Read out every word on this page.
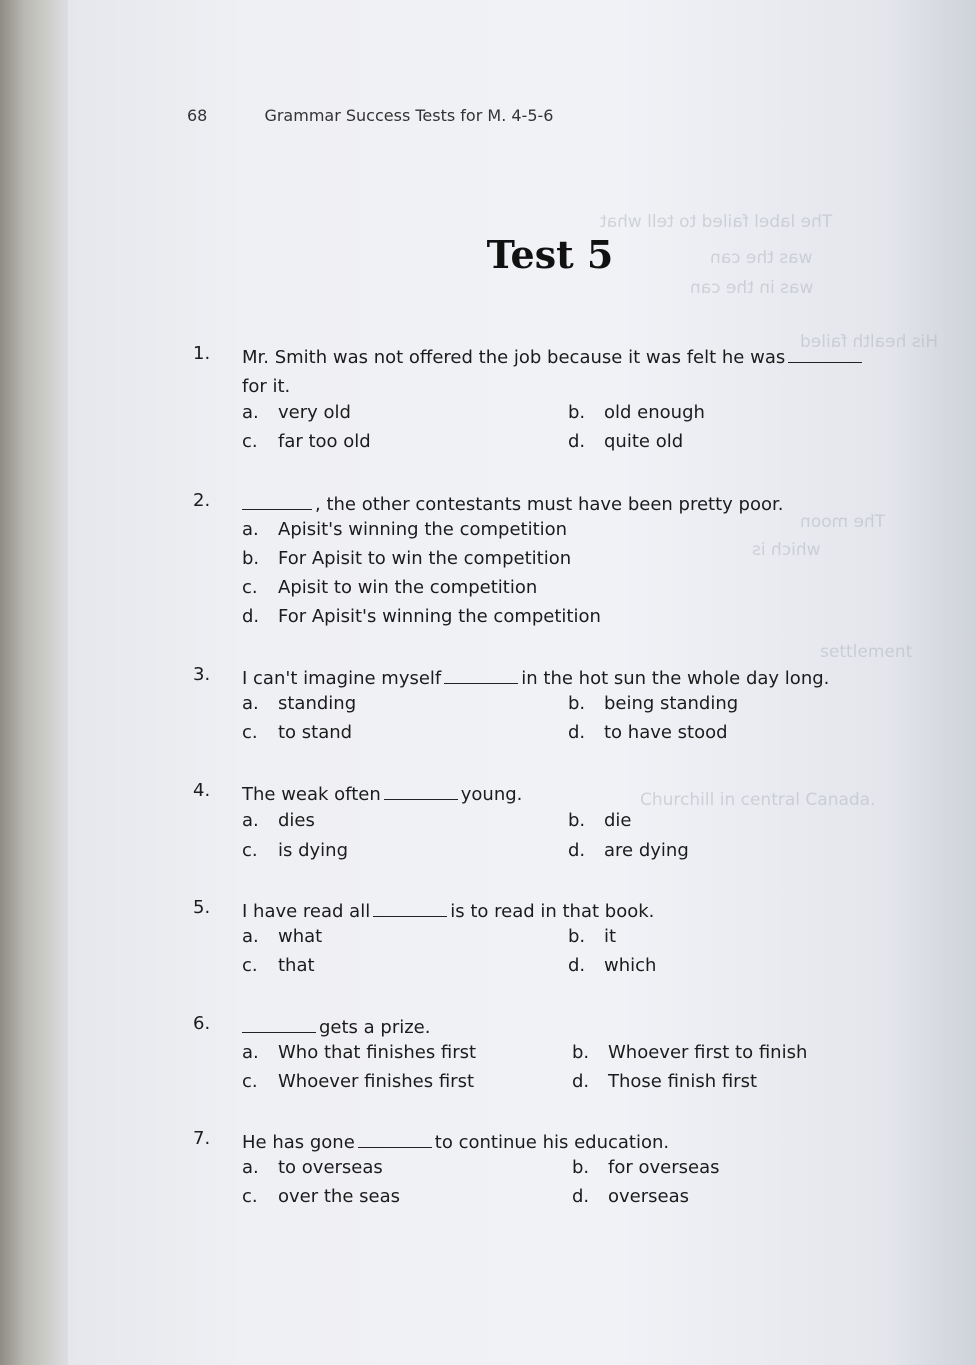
The label failed to tell what
was the can
was in the can
His health failed
The moon
which is
settlement
Churchill in central Canada.
68	Grammar Success Tests for M. 4-5-6
Test 5
1. Mr. Smith was not offered the job because it was felt he was
for it.
a. very old	b. old enough
c. far too old	d. quite old
2.	, the other contestants must have been pretty poor.
a. Apisit's winning the competition
b. For Apisit to win the competition
c. Apisit to win the competition
d. For Apisit's winning the competition
3. I can't imagine myself	in the hot sun the whole day long.
a. standing	b. being standing
c. to stand	d. to have stood
4. The weak often	young.
a. dies	b. die
c. is dying	d. are dying
5. I have read all	is to read in that book.
a. what	b. it
c. that	d. which
6.	gets a prize.
a. Who that finishes first	b. Whoever first to finish
c. Whoever finishes first	d. Those finish first
7. He has gone	to continue his education.
a. to overseas	b. for overseas
c. over the seas	d. overseas
